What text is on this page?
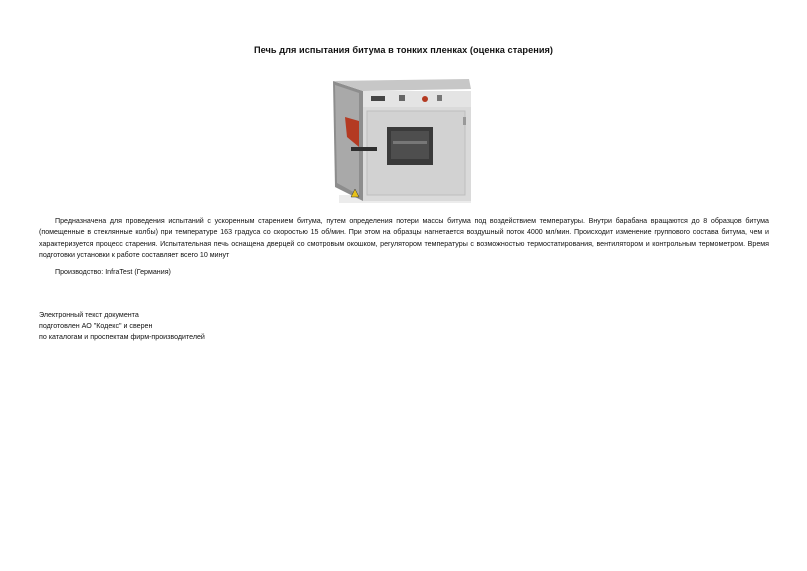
Печь для испытания битума в тонких пленках (оценка старения)

Предназначена для проведения испытаний с ускоренным старением битума, путем определения потери массы битума под воздействием температуры. Внутри барабана вращаются до 8 образцов битума (помещенные в стеклянные колбы) при температуре 163 градуса со скоростью 15 об/мин. При этом на образцы нагнетается воздушный поток 4000 мл/мин. Происходит изменение группового состава битума, чем и характеризуется процесс старения. Испытательная печь оснащена дверцей со смотровым окошком, регулятором температуры с возможностью термостатирования, вентилятором и контрольным термометром. Время подготовки установки к работе составляет всего 10 минут

Производство: InfraTest (Германия)
Электронный текст документа
подготовлен АО "Кодекс" и сверен
по каталогам и проспектам фирм-производителей
